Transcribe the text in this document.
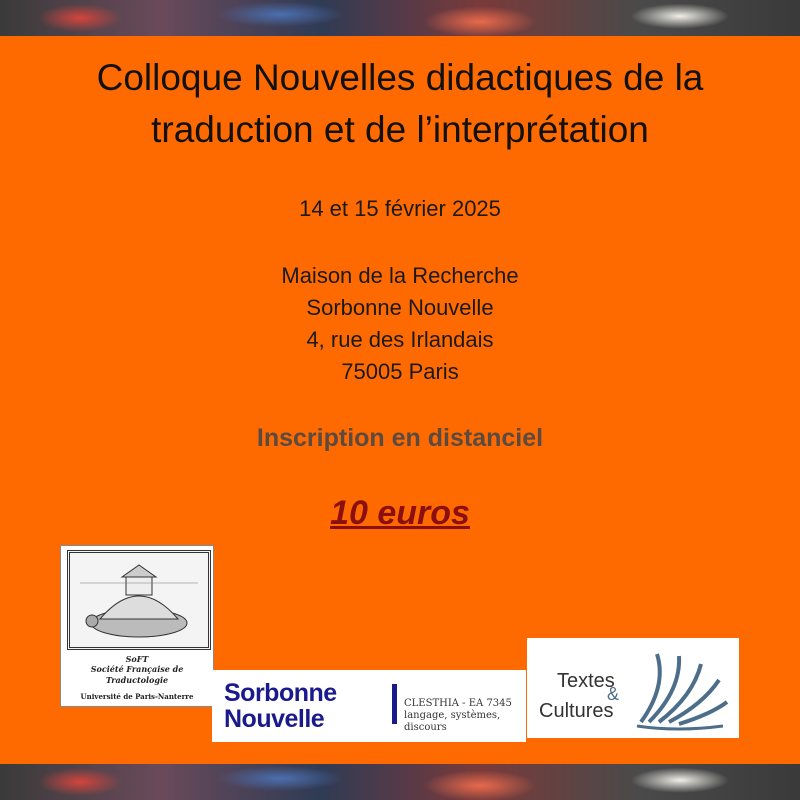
Colloque Nouvelles didactiques de la
traduction et de l’interprétation
14 et 15 février 2025
Maison de la Recherche
Sorbonne Nouvelle
4, rue des Irlandais
75005 Paris
Inscription en distanciel
10 euros
SoFT
Société Française de
Traductologie
Université de Paris-Nanterre	Sorbonne
Nouvelle
CLESTHIA - EA 7345
langage, systèmes,
discours
Textes
&
Cultures
